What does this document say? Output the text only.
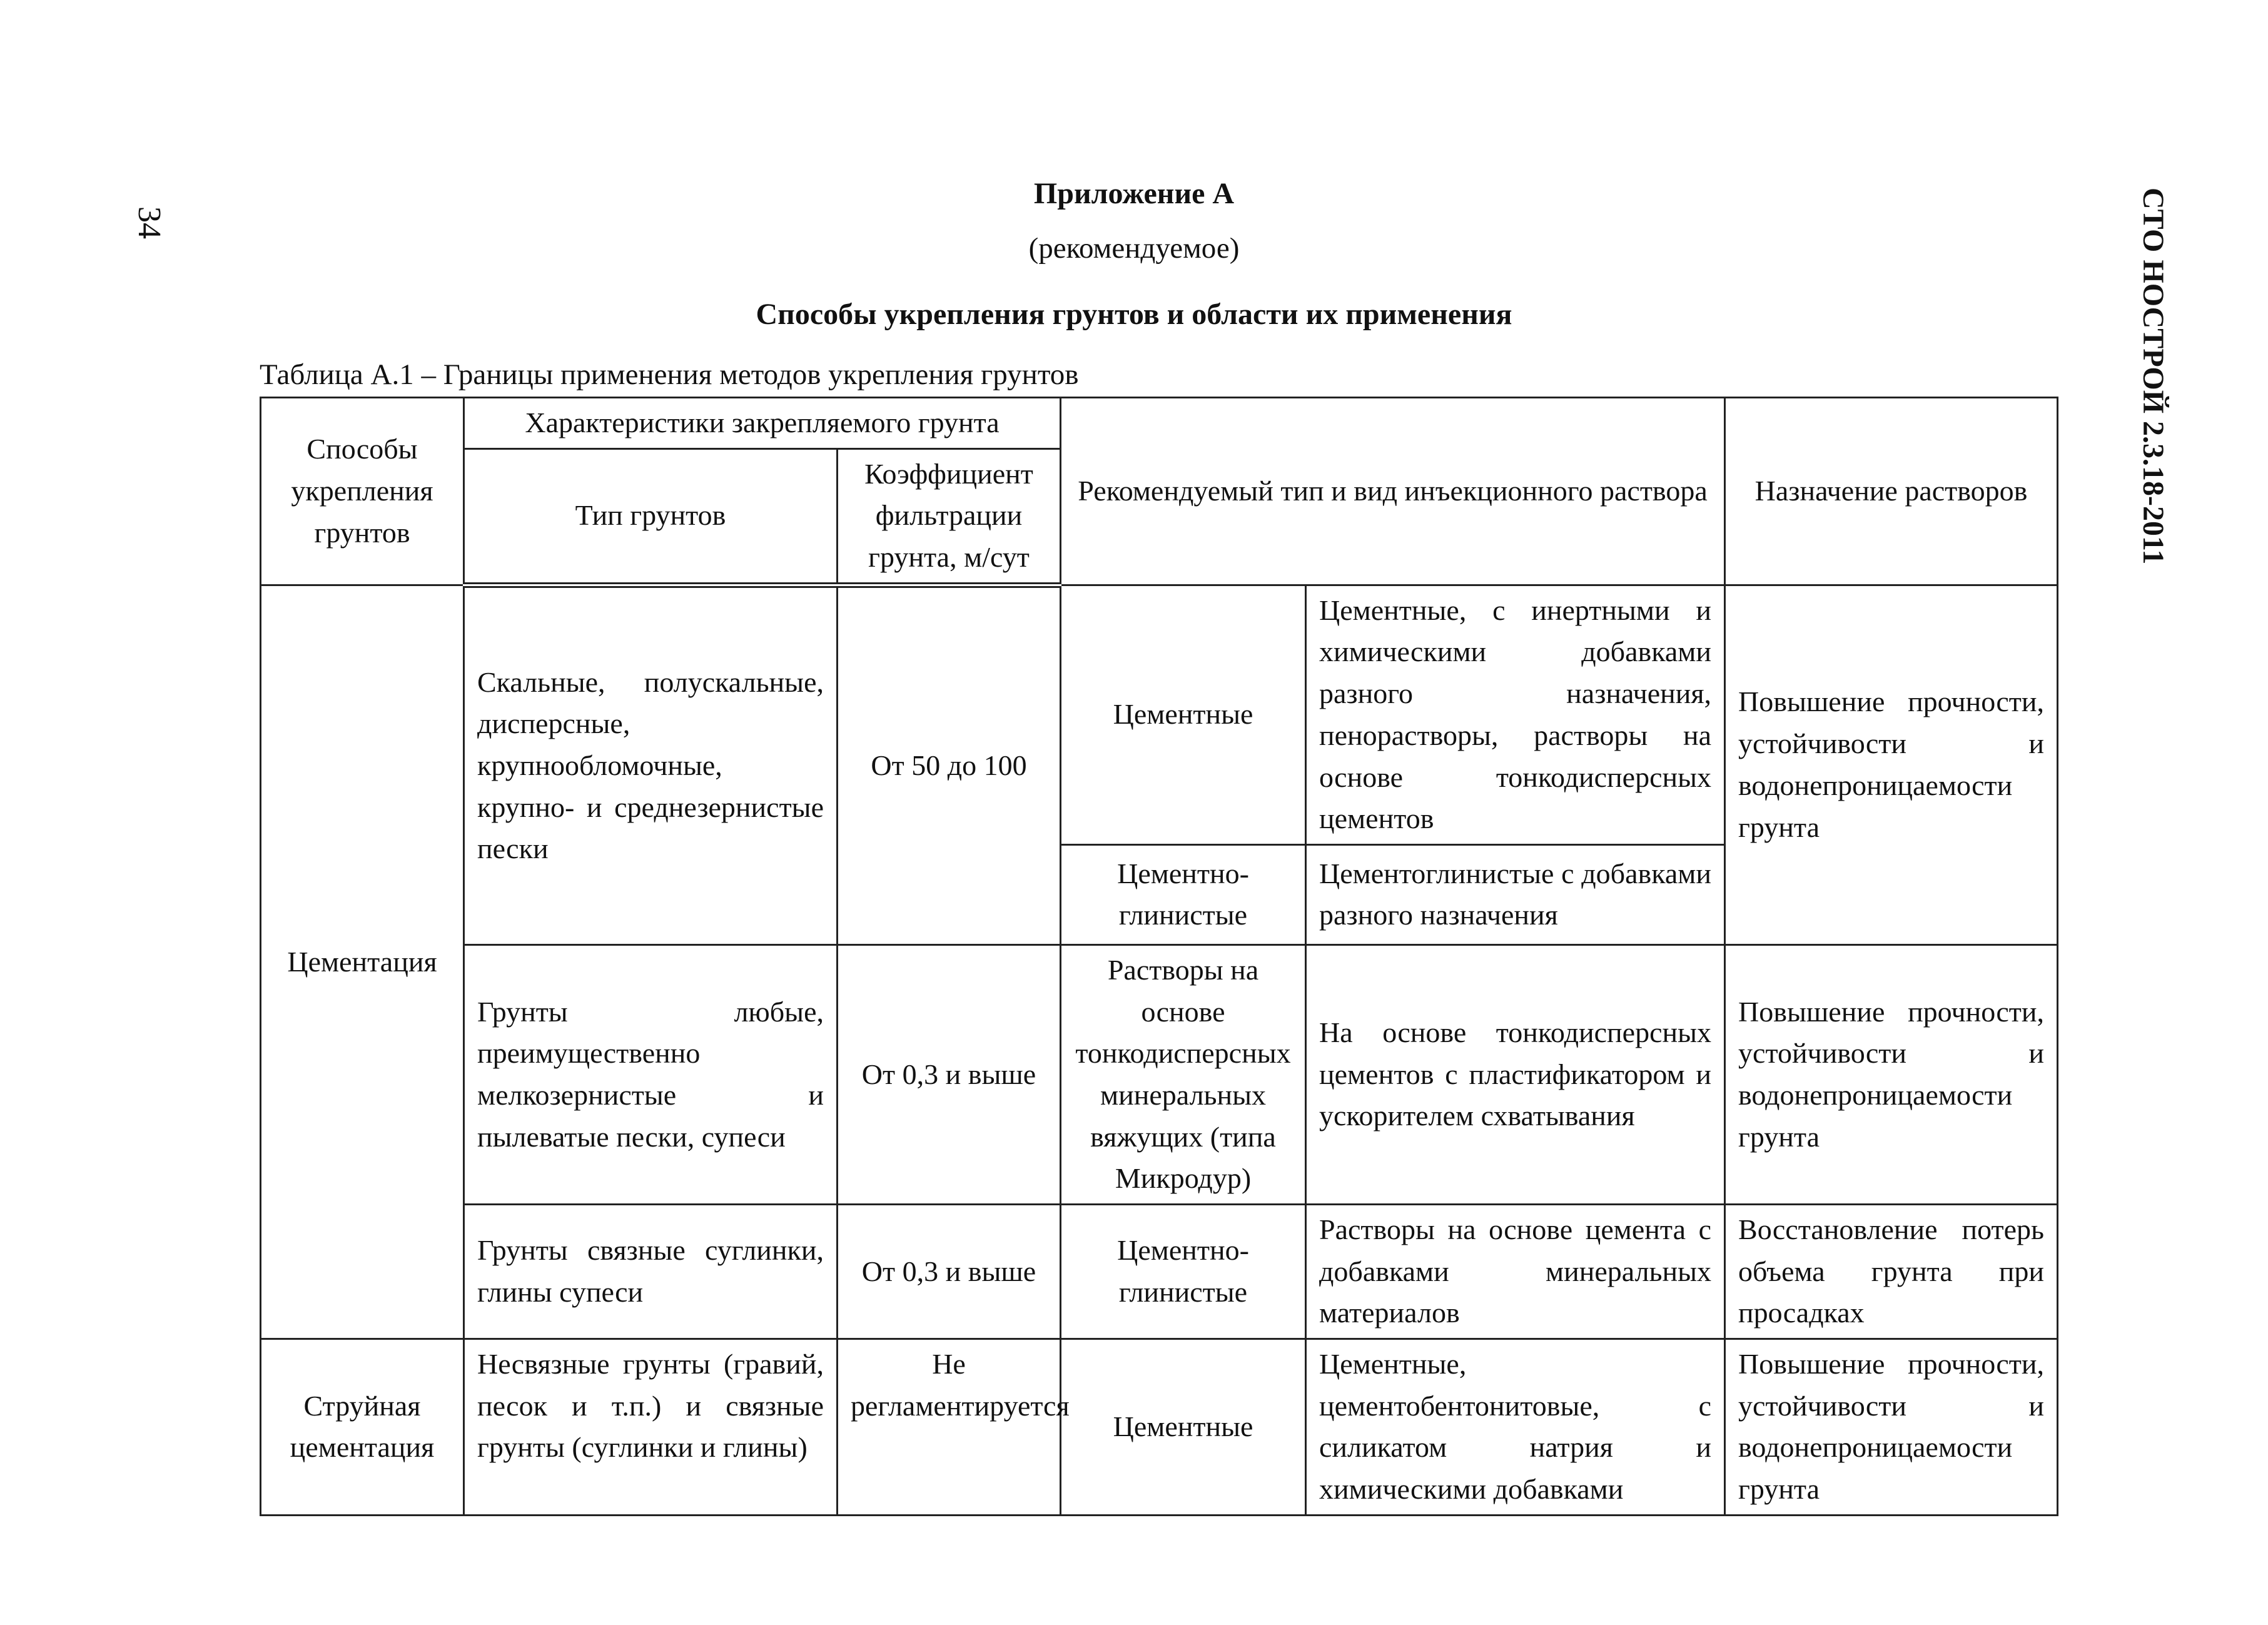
34	СТО НОСТРОЙ 2.3.18-2011
Приложение А
(рекомендуемое)
Способы укрепления грунтов и области их применения
Таблица А.1 – Границы применения методов укрепления грунтов
Способы укрепления грунтов	Характеристики закрепляемого грунта		Рекомендуемый тип и вид инъекционного раствора		Назначение растворов
	Тип грунтов	Коэффициент фильтрации грунта, м/сут			
Цементация	Скальные, полускальные, дисперсные, крупнообломочные, крупно- и среднезернистые пески	От 50 до 100	Цементные	Цементные, с инертными и химическими добавками разного назначения, пенорастворы, растворы на основе тонкодисперсных цементов	Повышение прочности, устойчивости и водонепроницаемости грунта
			Цементно-глинистые	Цементоглинистые с добавками разного назначения	
	Грунты любые, преимущественно мелкозернистые и пылеватые пески, супеси	От 0,3 и выше	Растворы на основе тонкодисперсных минеральных вяжущих (типа Микродур)	На основе тонкодисперсных цементов с пластификатором и ускорителем схватывания	Повышение прочности, устойчивости и водонепроницаемости грунта
	Грунты связные суглинки, глины супеси	От 0,3 и выше	Цементно-глинистые	Растворы на основе цемента с добавками минеральных материалов	Восстановление потерь объема грунта при просадках
Струйная цементация	Несвязные грунты (гравий, песок и т.п.) и связные грунты (суглинки и глины)	Не регламентируется	Цементные	Цементные, цементобентонитовые, с силикатом натрия и химическими добавками	Повышение прочности, устойчивости и водонепроницаемости грунта
